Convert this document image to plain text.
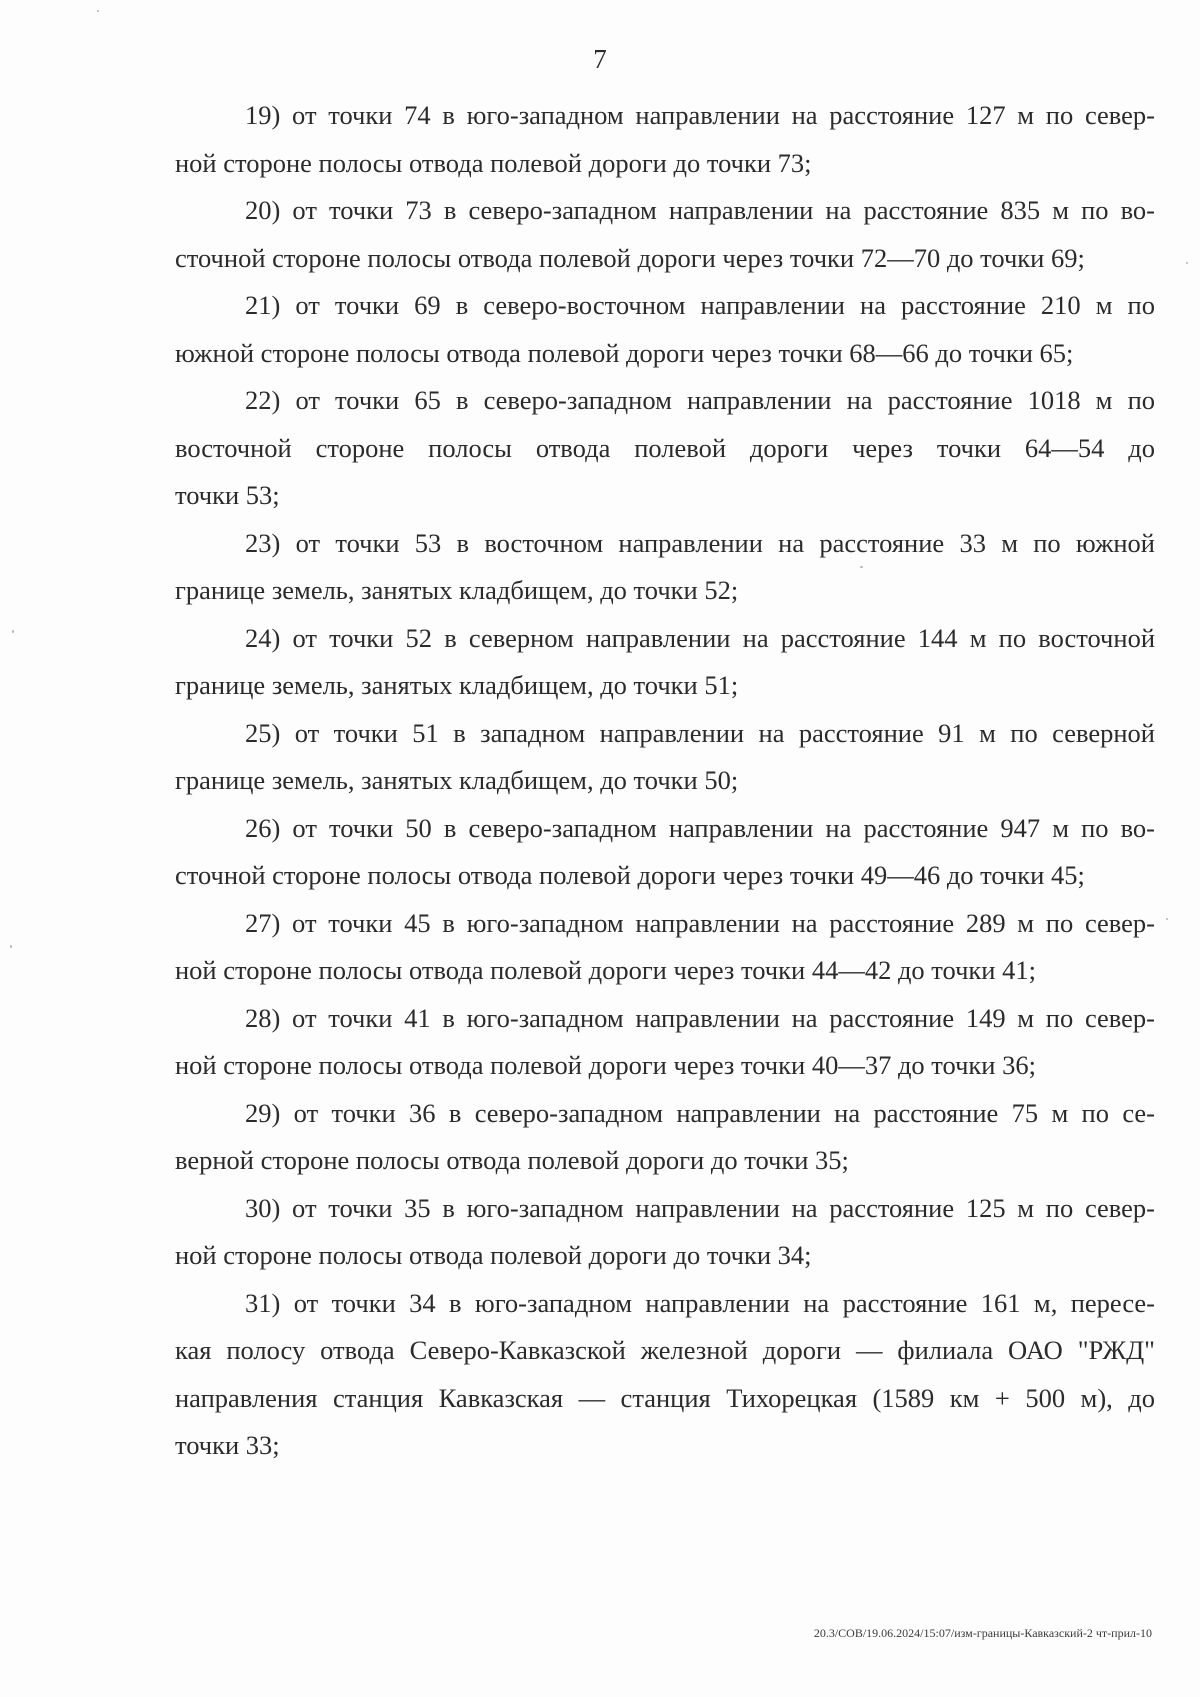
7
19) от точки 74 в юго-западном направлении на расстояние 127 м по север-
ной стороне полосы отвода полевой дороги до точки 73;
20) от точки 73 в северо-западном направлении на расстояние 835 м по во-
сточной стороне полосы отвода полевой дороги через точки 72—70 до точки 69;
21) от точки 69 в северо-восточном направлении на расстояние 210 м по
южной стороне полосы отвода полевой дороги через точки 68—66 до точки 65;
22) от точки 65 в северо-западном направлении на расстояние 1018 м по
восточной стороне полосы отвода полевой дороги через точки 64—54 до
точки 53;
23) от точки 53 в восточном направлении на расстояние 33 м по южной
границе земель, занятых кладбищем, до точки 52;
24) от точки 52 в северном направлении на расстояние 144 м по восточной
границе земель, занятых кладбищем, до точки 51;
25) от точки 51 в западном направлении на расстояние 91 м по северной
границе земель, занятых кладбищем, до точки 50;
26) от точки 50 в северо-западном направлении на расстояние 947 м по во-
сточной стороне полосы отвода полевой дороги через точки 49—46 до точки 45;
27) от точки 45 в юго-западном направлении на расстояние 289 м по север-
ной стороне полосы отвода полевой дороги через точки 44—42 до точки 41;
28) от точки 41 в юго-западном направлении на расстояние 149 м по север-
ной стороне полосы отвода полевой дороги через точки 40—37 до точки 36;
29) от точки 36 в северо-западном направлении на расстояние 75 м по се-
верной стороне полосы отвода полевой дороги до точки 35;
30) от точки 35 в юго-западном направлении на расстояние 125 м по север-
ной стороне полосы отвода полевой дороги до точки 34;
31) от точки 34 в юго-западном направлении на расстояние 161 м, пересе-
кая полосу отвода Северо-Кавказской железной дороги — филиала ОАО "РЖД"
направления станция Кавказская — станция Тихорецкая (1589 км + 500 м), до
точки 33;
20.3/СОВ/19.06.2024/15:07/изм-границы-Кавказский-2 чт-прил-10
